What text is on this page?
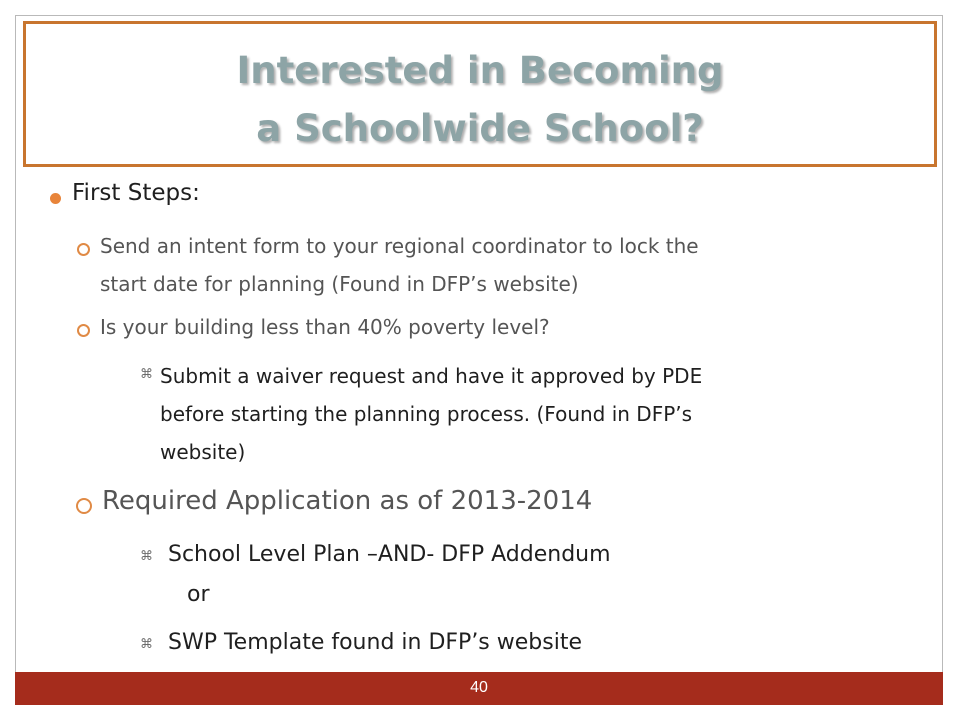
Interested in Becoming
a Schoolwide School?
First Steps:
Send an intent form to your regional coordinator to lock the
start date for planning (Found in DFP’s website)
Is your building less than 40% poverty level?
⌘ Submit a waiver request and have it approved by PDE
before starting the planning process. (Found in DFP’s
website)
Required Application as of 2013-2014
⌘ School Level Plan –AND- DFP Addendum
or
⌘ SWP Template found in DFP’s website
40
